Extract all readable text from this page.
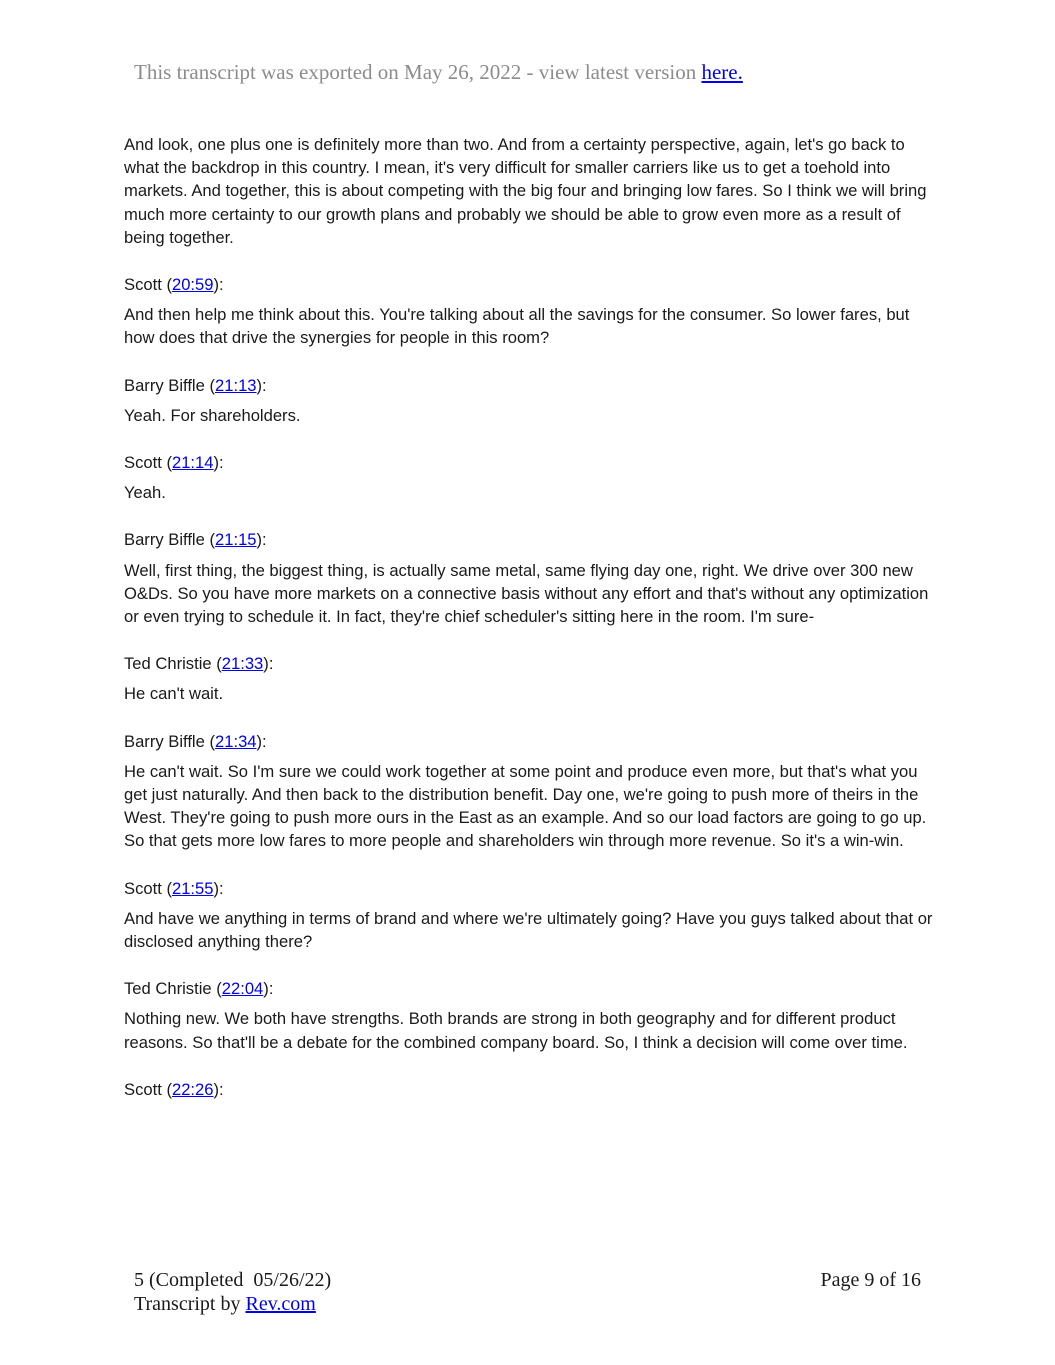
This transcript was exported on May 26, 2022 - view latest version here.

And look, one plus one is definitely more than two. And from a certainty perspective, again, let's go back to what the backdrop in this country. I mean, it's very difficult for smaller carriers like us to get a toehold into markets. And together, this is about competing with the big four and bringing low fares. So I think we will bring much more certainty to our growth plans and probably we should be able to grow even more as a result of being together.

Scott (20:59):

And then help me think about this. You're talking about all the savings for the consumer. So lower fares, but how does that drive the synergies for people in this room?

Barry Biffle (21:13):

Yeah. For shareholders.

Scott (21:14):

Yeah.

Barry Biffle (21:15):

Well, first thing, the biggest thing, is actually same metal, same flying day one, right. We drive over 300 new O&Ds. So you have more markets on a connective basis without any effort and that's without any optimization or even trying to schedule it. In fact, they're chief scheduler's sitting here in the room. I'm sure-

Ted Christie (21:33):

He can't wait.

Barry Biffle (21:34):

He can't wait. So I'm sure we could work together at some point and produce even more, but that's what you get just naturally. And then back to the distribution benefit. Day one, we're going to push more of theirs in the West. They're going to push more ours in the East as an example. And so our load factors are going to go up. So that gets more low fares to more people and shareholders win through more revenue. So it's a win-win.

Scott (21:55):

And have we anything in terms of brand and where we're ultimately going? Have you guys talked about that or disclosed anything there?

Ted Christie (22:04):

Nothing new. We both have strengths. Both brands are strong in both geography and for different product reasons. So that'll be a debate for the combined company board. So, I think a decision will come over time.

Scott (22:26):

5 (Completed  05/26/22)
Transcript by Rev.com
Page 9 of 16
